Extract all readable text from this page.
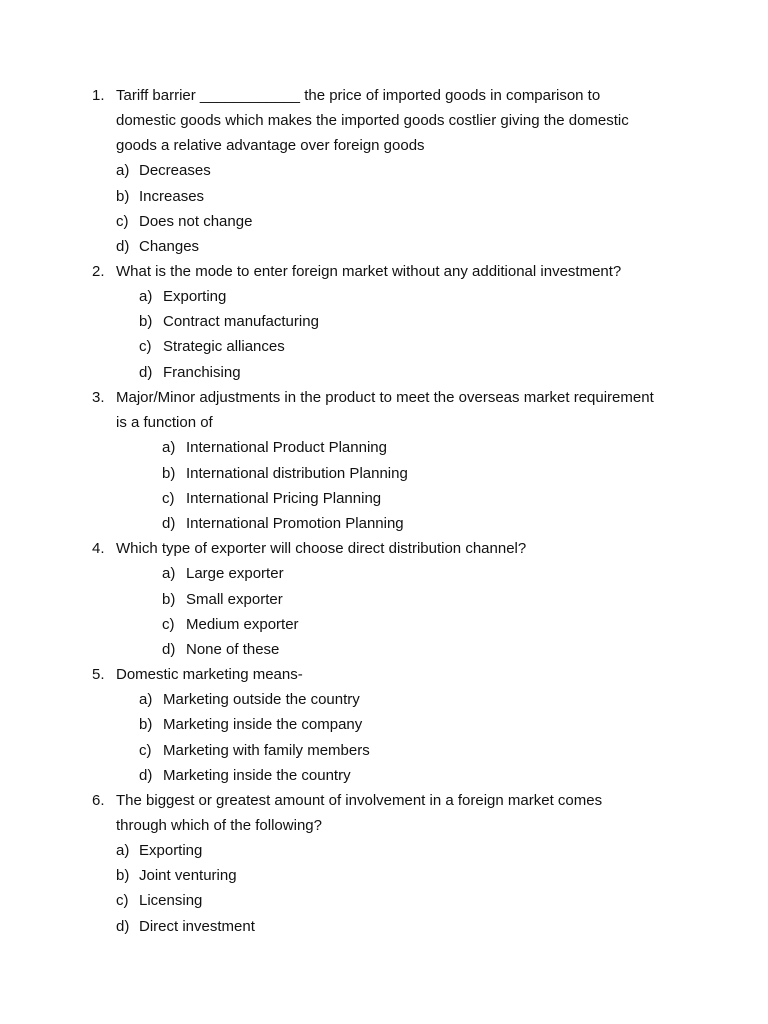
1. Tariff barrier ____________ the price of imported goods in comparison to
domestic goods which makes the imported goods costlier giving the domestic
goods a relative advantage over foreign goods
a) Decreases
b) Increases
c) Does not change
d) Changes
2. What is the mode to enter foreign market without any additional investment?
a) Exporting
b) Contract manufacturing
c) Strategic alliances
d) Franchising
3. Major/Minor adjustments in the product to meet the overseas market requirement
is a function of
a) International Product Planning
b) International distribution Planning
c) International Pricing Planning
d) International Promotion Planning
4. Which type of exporter will choose direct distribution channel?
a) Large exporter
b) Small exporter
c) Medium exporter
d) None of these
5. Domestic marketing means-
a) Marketing outside the country
b) Marketing inside the company
c) Marketing with family members
d) Marketing inside the country
6. The biggest or greatest amount of involvement in a foreign market comes
through which of the following?
a) Exporting
b) Joint venturing
c) Licensing
d) Direct investment
